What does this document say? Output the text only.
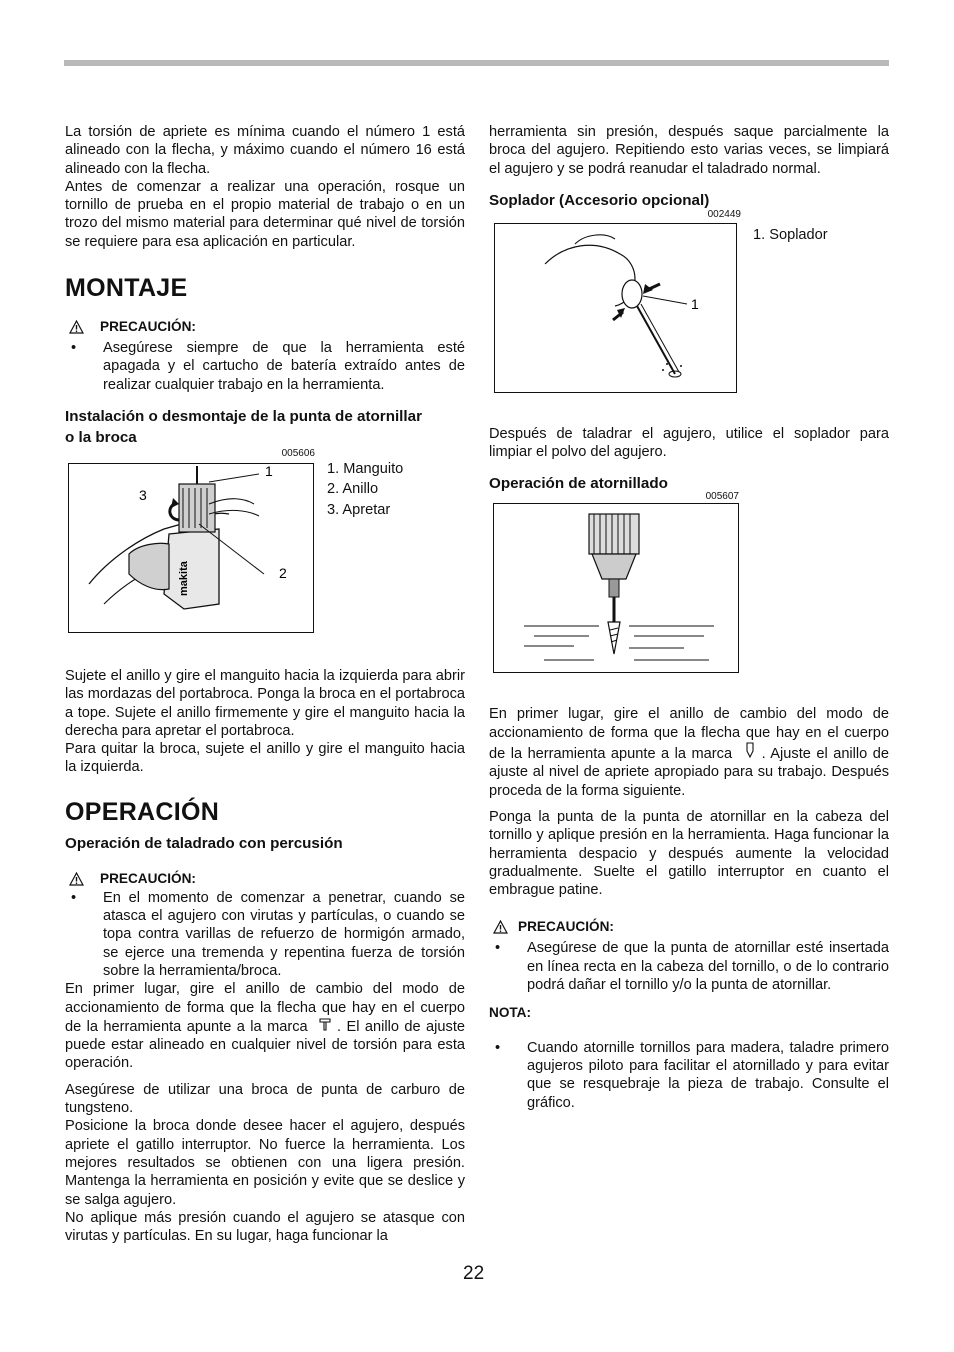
La torsión de apriete es mínima cuando el número 1 está alineado con la flecha, y máximo cuando el número 16 está alineado con la flecha.

Antes de comenzar a realizar una operación, rosque un tornillo de prueba en el propio material de trabajo o en un trozo del mismo material para determinar qué nivel de torsión se requiere para esa aplicación en particular.

MONTAJE
PRECAUCIÓN:
• Asegúrese siempre de que la herramienta esté apagada y el cartucho de batería extraído antes de realizar cualquier trabajo en la herramienta.
Instalación o desmontaje de la punta de atornillar o la broca
005606
1
2
3
makita
1. Manguito
2. Anillo
3. Apretar

Sujete el anillo y gire el manguito hacia la izquierda para abrir las mordazas del portabroca. Ponga la broca en el portabroca a tope. Sujete el anillo firmemente y gire el manguito hacia la derecha para apretar el portabroca.

Para quitar la broca, sujete el anillo y gire el manguito hacia la izquierda.

OPERACIÓN
Operación de taladrado con percusión
PRECAUCIÓN:
• En el momento de comenzar a penetrar, cuando se atasca el agujero con virutas y partículas, o cuando se topa contra varillas de refuerzo de hormigón armado, se ejerce una tremenda y repentina fuerza de torsión sobre la herramienta/broca.

En primer lugar, gire el anillo de cambio del modo de accionamiento de forma que la flecha que hay en el cuerpo de la herramienta apunte a la marca . El anillo de ajuste puede estar alineado en cualquier nivel de torsión para esta operación.

Asegúrese de utilizar una broca de punta de carburo de tungsteno.

Posicione la broca donde desee hacer el agujero, después apriete el gatillo interruptor. No fuerce la herramienta. Los mejores resultados se obtienen con una ligera presión. Mantenga la herramienta en posición y evite que se deslice y se salga agujero.

No aplique más presión cuando el agujero se atasque con virutas y partículas. En su lugar, haga funcionar la

herramienta sin presión, después saque parcialmente la broca del agujero. Repitiendo esto varias veces, se limpiará el agujero y se podrá reanudar el taladrado normal.

Soplador (Accesorio opcional)
002449
1
1. Soplador

Después de taladrar el agujero, utilice el soplador para limpiar el polvo del agujero.

Operación de atornillado
005607

En primer lugar, gire el anillo de cambio del modo de accionamiento de forma que la flecha que hay en el cuerpo de la herramienta apunte a la marca . Ajuste el anillo de ajuste al nivel de apriete apropiado para su trabajo. Después proceda de la forma siguiente.

Ponga la punta de la punta de atornillar en la cabeza del tornillo y aplique presión en la herramienta. Haga funcionar la herramienta despacio y después aumente la velocidad gradualmente. Suelte el gatillo interruptor en cuanto el embrague patine.

PRECAUCIÓN:
• Asegúrese de que la punta de atornillar esté insertada en línea recta en la cabeza del tornillo, o de lo contrario podrá dañar el tornillo y/o la punta de atornillar.
NOTA:
• Cuando atornille tornillos para madera, taladre primero agujeros piloto para facilitar el atornillado y para evitar que se resquebraje la pieza de trabajo. Consulte el gráfico.
22
